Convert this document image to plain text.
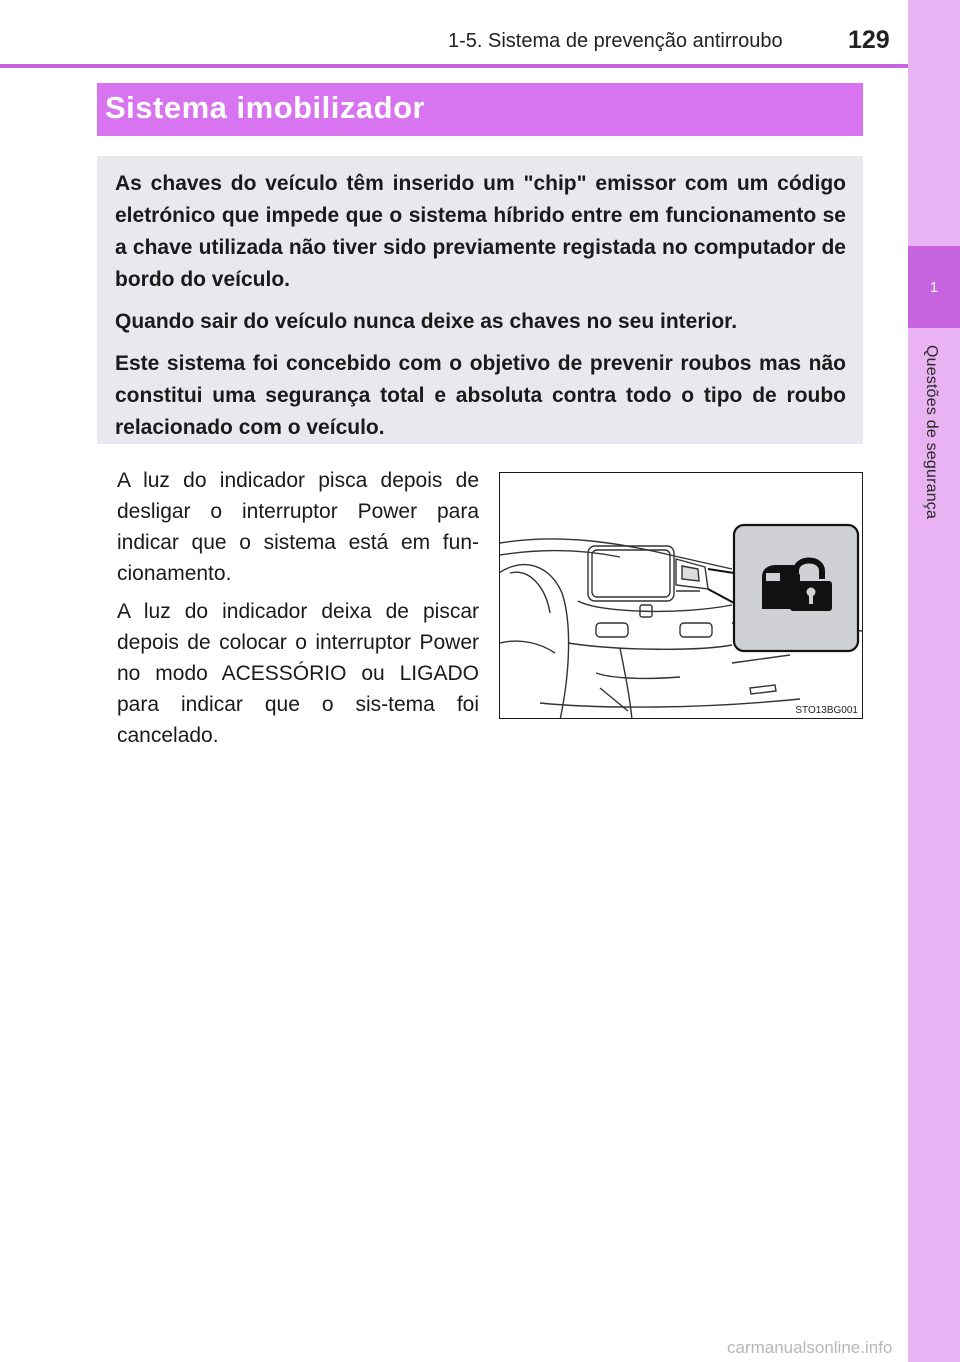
1
Questões de segurança
1-5. Sistema de prevenção antirroubo	129
Sistema imobilizador

As chaves do veículo têm inserido um "chip" emissor com um código eletrónico que impede que o sistema híbrido entre em funcionamento se a chave utilizada não tiver sido previamente registada no computador de bordo do veículo.

Quando sair do veículo nunca deixe as chaves no seu interior.

Este sistema foi concebido com o objetivo de prevenir roubos mas não constitui uma segurança total e absoluta contra todo o tipo de roubo relacionado com o veículo.

A luz do indicador pisca depois de desligar o interruptor Power para indicar que o sistema está em fun-cionamento.

A luz do indicador deixa de piscar depois de colocar o interruptor Power no modo ACESSÓRIO ou LIGADO para indicar que o sis-tema foi cancelado.

STO13BG001
carmanualsonline.info
